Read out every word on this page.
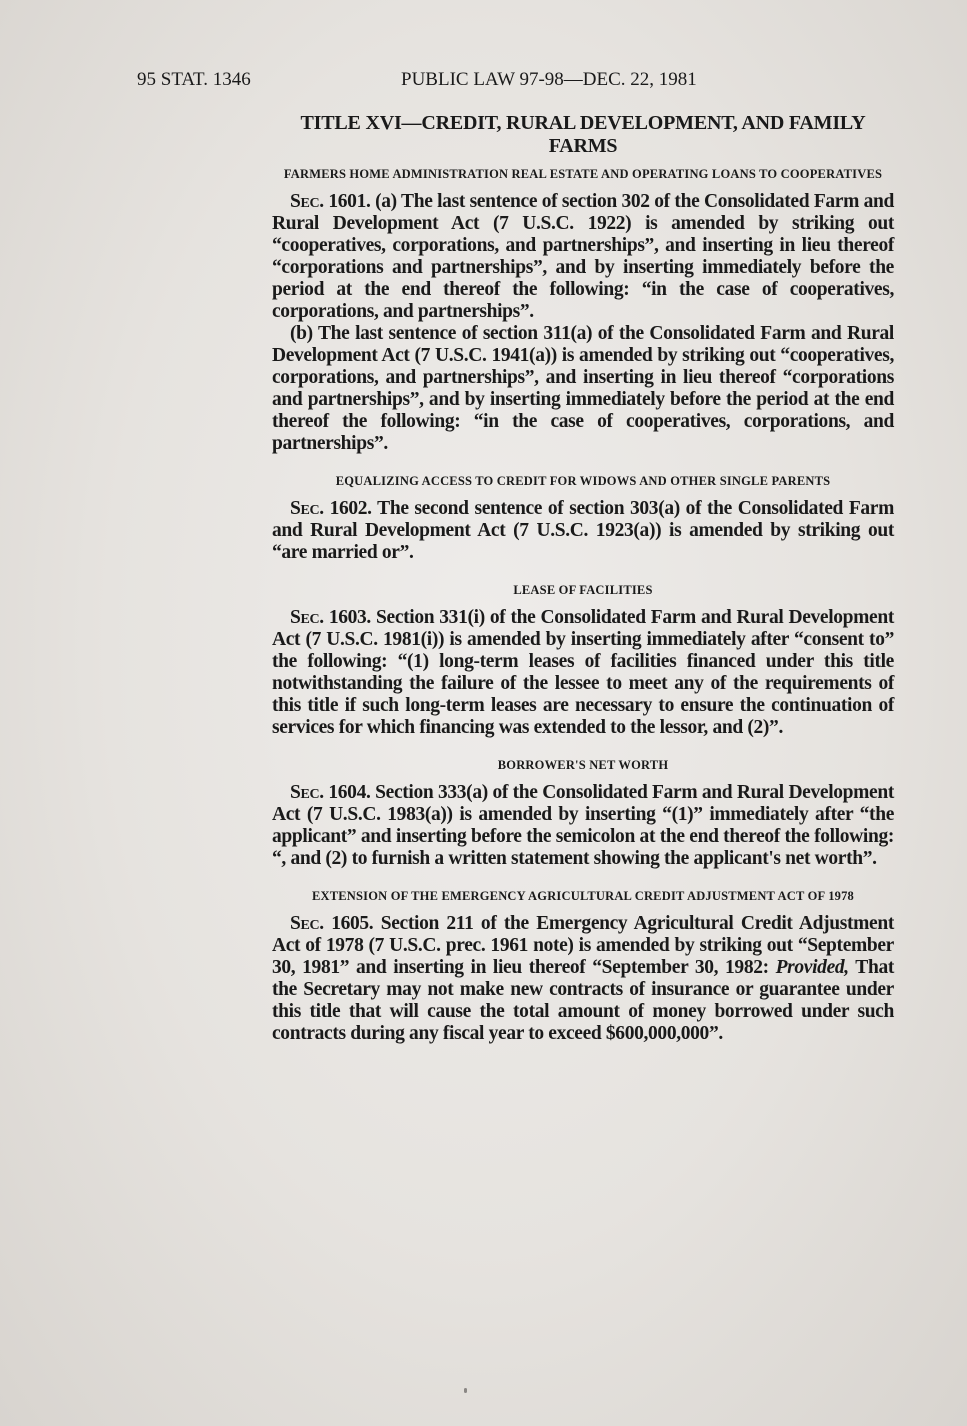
95 STAT. 1346	PUBLIC LAW 97-98—DEC. 22, 1981
TITLE XVI—CREDIT, RURAL DEVELOPMENT, AND FAMILY FARMS
FARMERS HOME ADMINISTRATION REAL ESTATE AND OPERATING LOANS TO COOPERATIVES

Sec. 1601. (a) The last sentence of section 302 of the Consolidated Farm and Rural Development Act (7 U.S.C. 1922) is amended by striking out “cooperatives, corporations, and partnerships”, and inserting in lieu thereof “corporations and partnerships”, and by inserting immediately before the period at the end thereof the following: “in the case of cooperatives, corporations, and partnerships”.

(b) The last sentence of section 311(a) of the Consolidated Farm and Rural Development Act (7 U.S.C. 1941(a)) is amended by striking out “cooperatives, corporations, and partnerships”, and inserting in lieu thereof “corporations and partnerships”, and by inserting immediately before the period at the end thereof the following: “in the case of cooperatives, corporations, and partnerships”.

EQUALIZING ACCESS TO CREDIT FOR WIDOWS AND OTHER SINGLE PARENTS

Sec. 1602. The second sentence of section 303(a) of the Consolidated Farm and Rural Development Act (7 U.S.C. 1923(a)) is amended by striking out “are married or”.

LEASE OF FACILITIES

Sec. 1603. Section 331(i) of the Consolidated Farm and Rural Development Act (7 U.S.C. 1981(i)) is amended by inserting immediately after “consent to” the following: “(1) long-term leases of facilities financed under this title notwithstanding the failure of the lessee to meet any of the requirements of this title if such long-term leases are necessary to ensure the continuation of services for which financing was extended to the lessor, and (2)”.

BORROWER'S NET WORTH

Sec. 1604. Section 333(a) of the Consolidated Farm and Rural Development Act (7 U.S.C. 1983(a)) is amended by inserting “(1)” immediately after “the applicant” and inserting before the semicolon at the end thereof the following: “, and (2) to furnish a written statement showing the applicant's net worth”.

EXTENSION OF THE EMERGENCY AGRICULTURAL CREDIT ADJUSTMENT ACT OF 1978

Sec. 1605. Section 211 of the Emergency Agricultural Credit Adjustment Act of 1978 (7 U.S.C. prec. 1961 note) is amended by striking out “September 30, 1981” and inserting in lieu thereof “September 30, 1982: Provided, That the Secretary may not make new contracts of insurance or guarantee under this title that will cause the total amount of money borrowed under such contracts during any fiscal year to exceed $600,000,000”.
